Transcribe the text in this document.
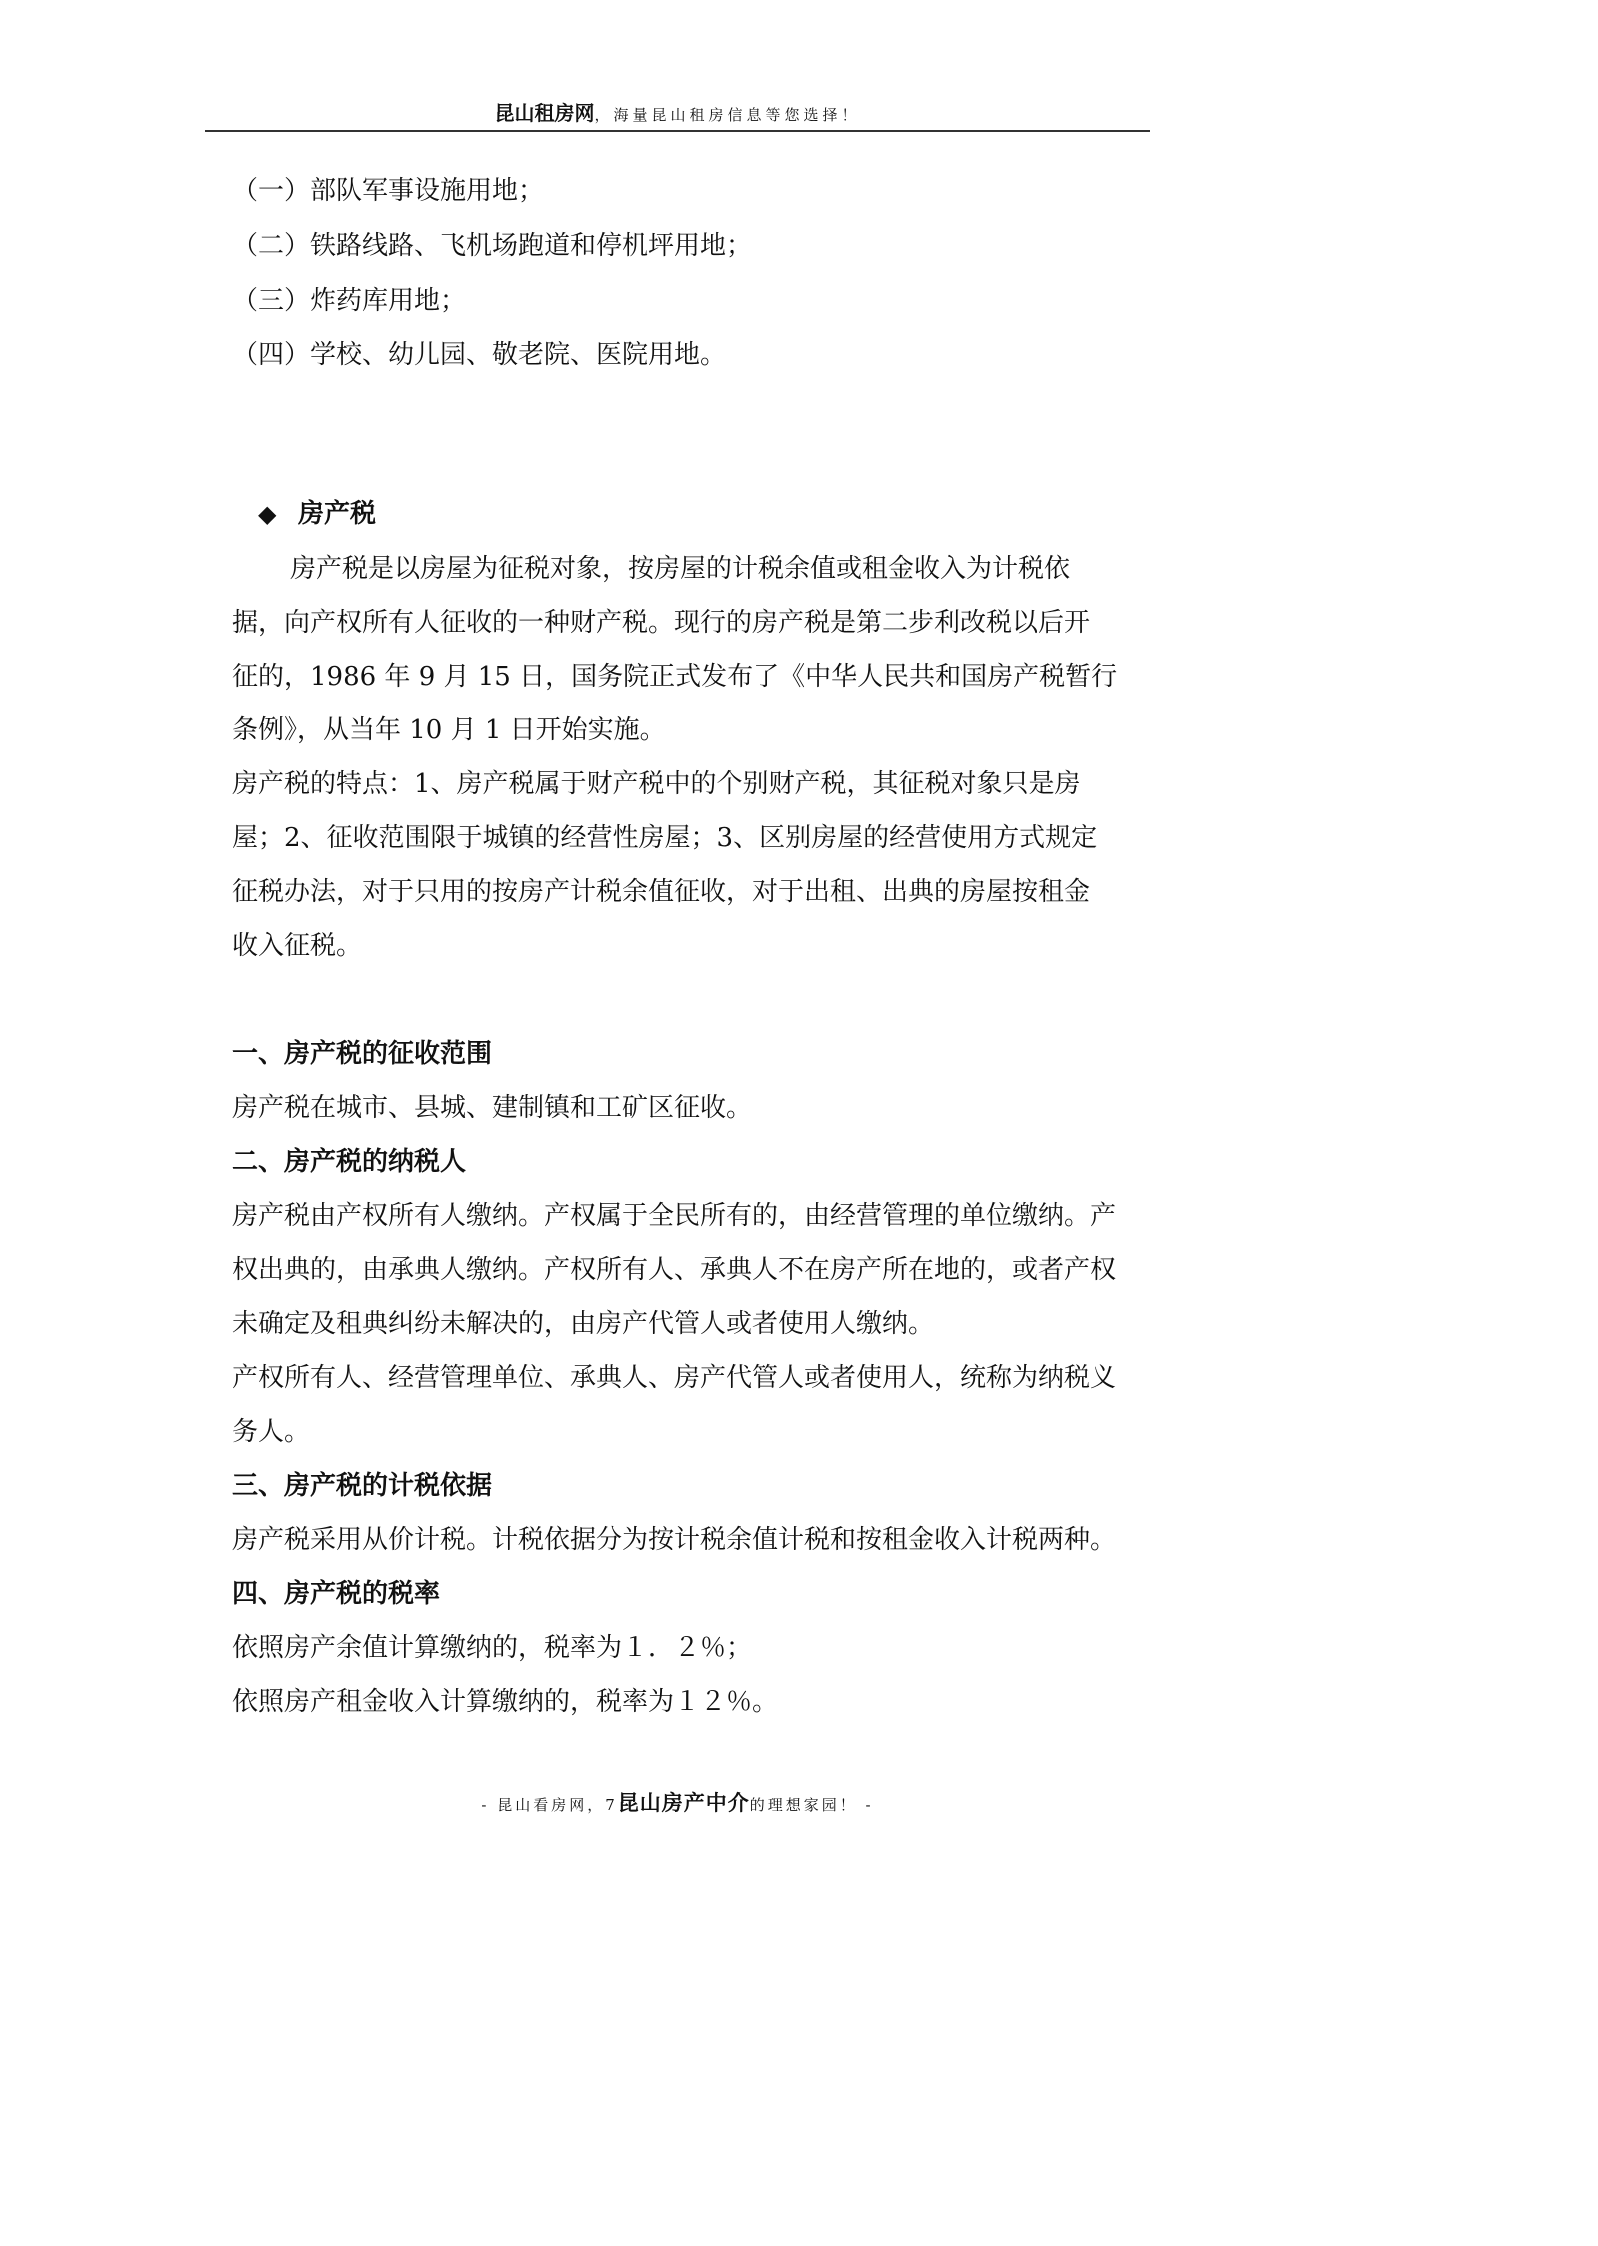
昆山租房网，海量昆山租房信息等您选择！
（一）部队军事设施用地；
（二）铁路线路、飞机场跑道和停机坪用地；
（三）炸药库用地；
（四）学校、幼儿园、敬老院、医院用地。
◆ 房产税
房产税是以房屋为征税对象，按房屋的计税余值或租金收入为计税依
据，向产权所有人征收的一种财产税。现行的房产税是第二步利改税以后开
征的，1986 年 9 月 15 日，国务院正式发布了《中华人民共和国房产税暂行
条例》，从当年 10 月 1 日开始实施。
房产税的特点：1、房产税属于财产税中的个别财产税，其征税对象只是房
屋；2、征收范围限于城镇的经营性房屋；3、区别房屋的经营使用方式规定
征税办法，对于只用的按房产计税余值征收，对于出租、出典的房屋按租金
收入征税。
一、房产税的征收范围
房产税在城市、县城、建制镇和工矿区征收。
二、房产税的纳税人
房产税由产权所有人缴纳。产权属于全民所有的，由经营管理的单位缴纳。产
权出典的，由承典人缴纳。产权所有人、承典人不在房产所在地的，或者产权
未确定及租典纠纷未解决的，由房产代管人或者使用人缴纳。
产权所有人、经营管理单位、承典人、房产代管人或者使用人，统称为纳税义
务人。
三、房产税的计税依据
房产税采用从价计税。计税依据分为按计税余值计税和按租金收入计税两种。
四、房产税的税率
依照房产余值计算缴纳的，税率为１．２％；
依照房产租金收入计算缴纳的，税率为１２％。
- 昆山看房网，7昆山房产中介的理想家园！ -
